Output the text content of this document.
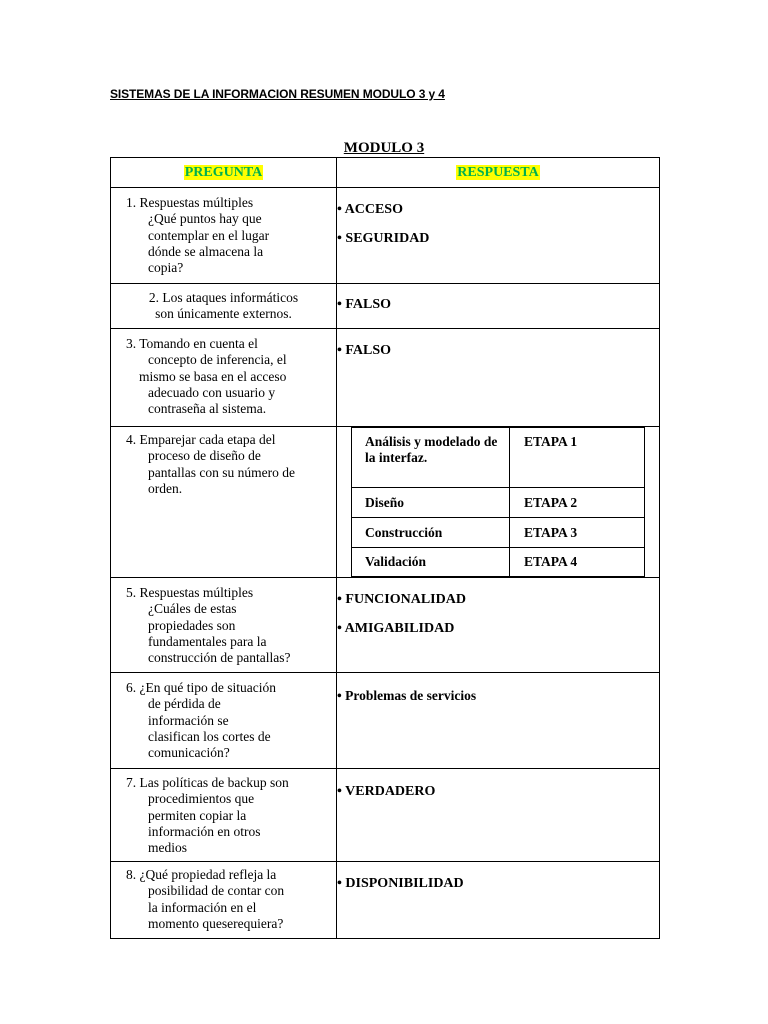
SISTEMAS DE LA INFORMACION RESUMEN MODULO 3 y 4
MODULO 3
PREGUNTA	RESPUESTA

1. Respuestas múltiples
¿Qué puntos hay que
contemplar en el lugar
dónde se almacena la
copia?

• ACCESO

• SEGURIDAD

2. Los ataques informáticos
son únicamente externos.

• FALSO

3. Tomando en cuenta el
concepto de inferencia, el
mismo se basa en el acceso
adecuado con usuario y
contraseña al sistema.

• FALSO

4. Emparejar cada etapa del
proceso de diseño de
pantallas con su número de
orden.

Análisis y modelado de la interfaz.	ETAPA 1
Diseño	ETAPA 2
Construcción	ETAPA 3
Validación	ETAPA 4

5. Respuestas múltiples
¿Cuáles de estas
propiedades son
fundamentales para la
construcción de pantallas?

• FUNCIONALIDAD

• AMIGABILIDAD

6. ¿En qué tipo de situación
de pérdida de
información se
clasifican los cortes de
comunicación?

• Problemas de servicios

7. Las políticas de backup son
procedimientos que
permiten copiar la
información en otros
medios

• VERDADERO

8. ¿Qué propiedad refleja la
posibilidad de contar con
la información en el
momento queserequiera?

• DISPONIBILIDAD
